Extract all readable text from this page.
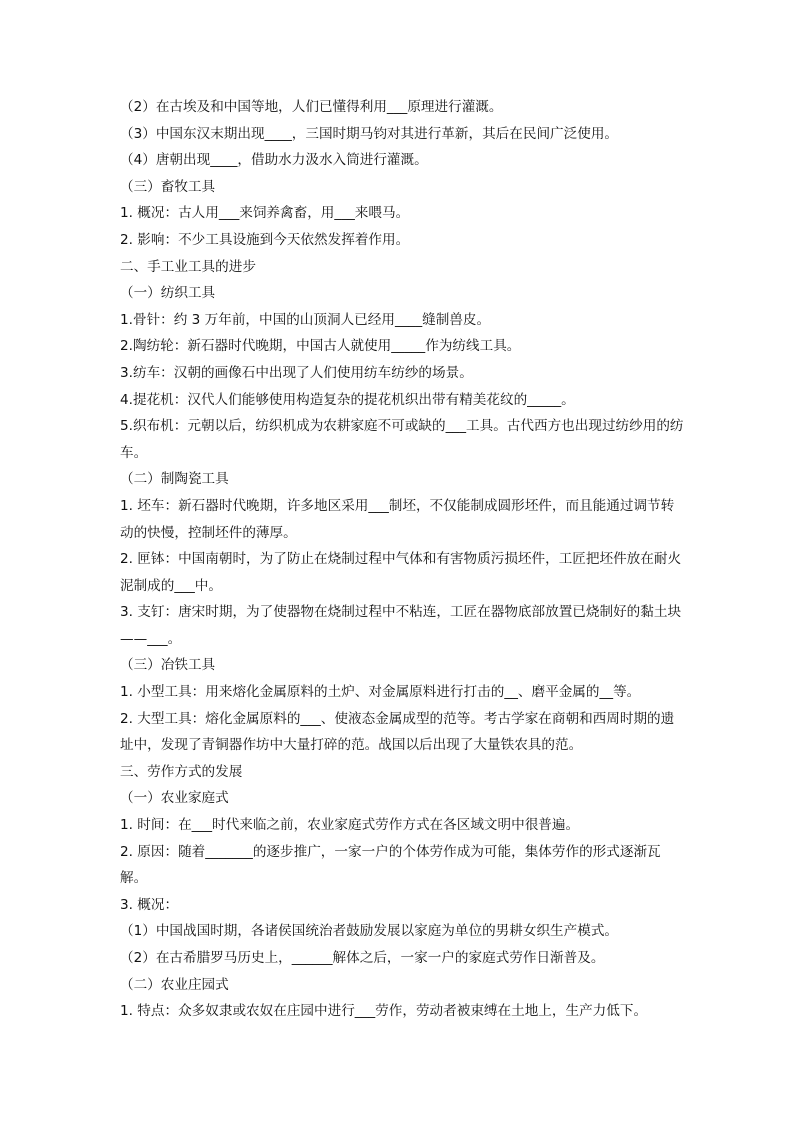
（2）在古埃及和中国等地，人们已懂得利用___原理进行灌溉。

（3）中国东汉末期出现____，三国时期马钧对其进行革新，其后在民间广泛使用。

（4）唐朝出现____，借助水力汲水入筒进行灌溉。

（三）畜牧工具

1. 概况：古人用___来饲养禽畜，用___来喂马。

2. 影响：不少工具设施到今天依然发挥着作用。

二、手工业工具的进步

（一）纺织工具

1.骨针：约 3 万年前，中国的山顶洞人已经用____缝制兽皮。

2.陶纺轮：新石器时代晚期，中国古人就使用_____作为纺线工具。

3.纺车：汉朝的画像石中出现了人们使用纺车纺纱的场景。

4.提花机：汉代人们能够使用构造复杂的提花机织出带有精美花纹的_____。

5.织布机：元朝以后，纺织机成为农耕家庭不可或缺的___工具。古代西方也出现过纺纱用的纺车。

（二）制陶瓷工具

1. 坯车：新石器时代晚期，许多地区采用___制坯，不仅能制成圆形坯件，而且能通过调节转动的快慢，控制坯件的薄厚。

2. 匣钵：中国南朝时，为了防止在烧制过程中气体和有害物质污损坯件，工匠把坯件放在耐火泥制成的___中。

3. 支钉：唐宋时期，为了使器物在烧制过程中不粘连，工匠在器物底部放置已烧制好的黏土块——___。

（三）冶铁工具

1. 小型工具：用来熔化金属原料的土炉、对金属原料进行打击的__、磨平金属的__等。

2. 大型工具：熔化金属原料的___、使液态金属成型的范等。考古学家在商朝和西周时期的遗址中，发现了青铜器作坊中大量打碎的范。战国以后出现了大量铁农具的范。

三、劳作方式的发展

（一）农业家庭式

1. 时间：在___时代来临之前，农业家庭式劳作方式在各区域文明中很普遍。

2. 原因：随着_______的逐步推广，一家一户的个体劳作成为可能，集体劳作的形式逐渐瓦解。

3. 概况：

（1）中国战国时期，各诸侯国统治者鼓励发展以家庭为单位的男耕女织生产模式。

（2）在古希腊罗马历史上，______解体之后，一家一户的家庭式劳作日渐普及。

（二）农业庄园式

1. 特点：众多奴隶或农奴在庄园中进行___劳作，劳动者被束缚在土地上，生产力低下。
